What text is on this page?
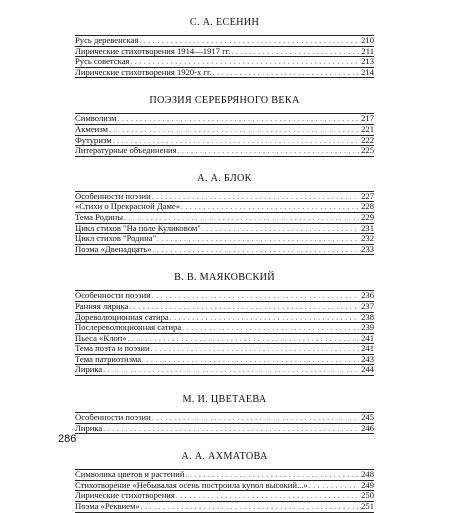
С. А. ЕСЕНИН
Русь деревенская . . .	210
Лирические стихотворения 1914—1917 гг. . . .	211
Русь советская . . .	213
Лирические стихотворения 1920-х гг. . . .	214
ПОЭЗИЯ СЕРЕБРЯНОГО ВЕКА
Символизм . . .	217
Акмеизм . . .	221
Футуризм . . .	222
Литературные объединения . . .	225
А. А. БЛОК
Особенности поэзии . . .	227
«Стихи о Прекрасной Даме» . . .	228
Тема Родины . . .	229
Цикл стихов "На поле Куликовом" . . .	231
Цикл стихов "Родина" . . .	232
Поэма «Двенадцать» . . .	233
В. В. МАЯКОВСКИЙ
Особенности поэзии . . .	236
Ранняя лирика . . .	237
Дореволюционная сатира . . .	238
Послереволюционная сатира . . .	239
Пьеса «Клоп» . . .	241
Тема поэта и поэзии . . .	241
Тема патриотизма . . .	243
Лирика . . .	244
М. И. ЦВЕТАЕВА
Особенности поэзии . . .	245
Лирика . . .	246
А. А. АХМАТОВА
Символика цветов и растений . . .	248
Стихотворение «Небывалая осень построила купол высокий...» . . .	249
Лирические стихотворения . . .	250
Поэма «Реквием» . . .	251
286
